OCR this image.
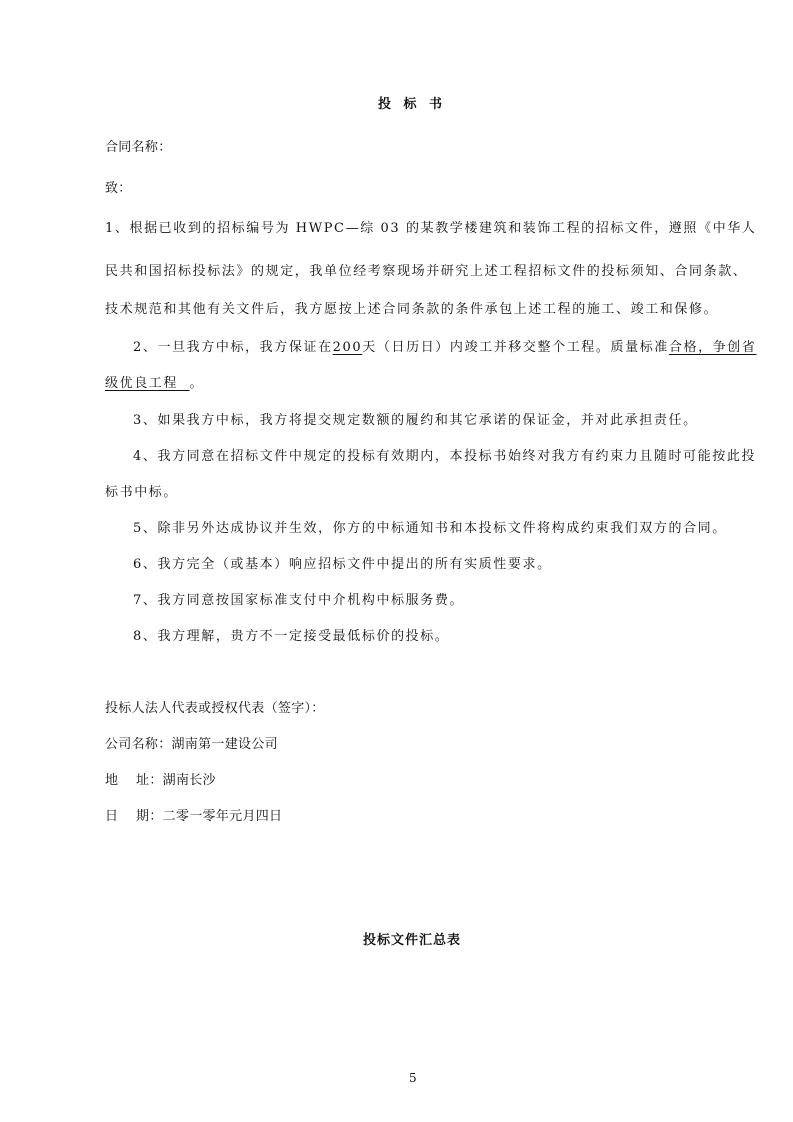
投 标 书
合同名称：
致：
1、根据已收到的招标编号为 HWPC—综 03 的某教学楼建筑和装饰工程的招标文件，遵照《中华人
民共和国招标投标法》的规定，我单位经考察现场并研究上述工程招标文件的投标须知、合同条款、
技术规范和其他有关文件后，我方愿按上述合同条款的条件承包上述工程的施工、竣工和保修。
2、一旦我方中标，我方保证在200天（日历日）内竣工并移交整个工程。质量标准合格，争创省
级优良工程 。
3、如果我方中标，我方将提交规定数额的履约和其它承诺的保证金，并对此承担责任。
4、我方同意在招标文件中规定的投标有效期内，本投标书始终对我方有约束力且随时可能按此投
标书中标。
5、除非另外达成协议并生效，你方的中标通知书和本投标文件将构成约束我们双方的合同。
6、我方完全（或基本）响应招标文件中提出的所有实质性要求。
7、我方同意按国家标准支付中介机构中标服务费。
8、我方理解，贵方不一定接受最低标价的投标。
投标人法人代表或授权代表（签字）：
公司名称：湖南第一建设公司
地    址：湖南长沙
日    期：二零一零年元月四日
投标文件汇总表
5
